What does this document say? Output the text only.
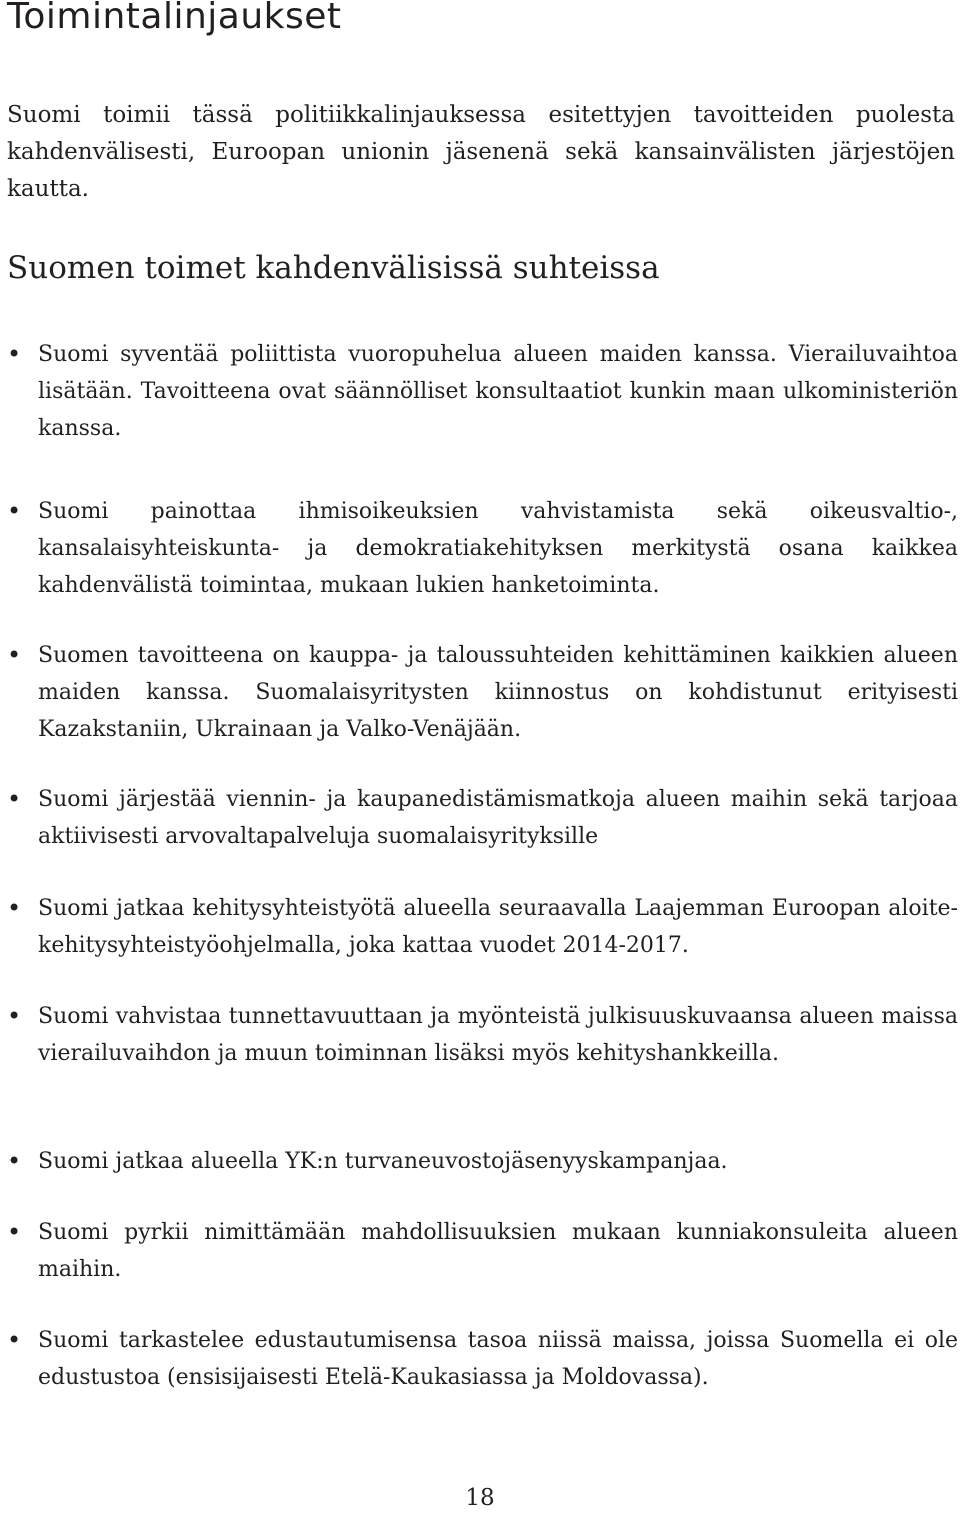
Toimintalinjaukset

Suomi toimii tässä politiikkalinjauksessa esitettyjen tavoitteiden puolesta kahdenvälisesti, Euroopan unionin jäsenenä sekä kansainvälisten järjestöjen kautta.

Suomen toimet kahdenvälisissä suhteissa
• Suomi syventää poliittista vuoropuhelua alueen maiden kanssa. Vierailuvaihtoa lisätään. Tavoitteena ovat säännölliset konsultaatiot kunkin maan ulkoministeriön kanssa.
• Suomi painottaa ihmisoikeuksien vahvistamista sekä oikeusvaltio-, kansalaisyhteiskunta- ja demokratiakehityksen merkitystä osana kaikkea kahdenvälistä toimintaa, mukaan lukien hanketoiminta.
• Suomen tavoitteena on kauppa- ja taloussuhteiden kehittäminen kaikkien alueen maiden kanssa. Suomalaisyritysten kiinnostus on kohdistunut erityisesti Kazakstaniin, Ukrainaan ja Valko-Venäjään.
• Suomi järjestää viennin- ja kaupanedistämismatkoja alueen maihin sekä tarjoaa aktiivisesti arvovaltapalveluja suomalaisyrityksille
• Suomi jatkaa kehitysyhteistyötä alueella seuraavalla Laajemman Euroopan aloite-kehitysyhteistyöohjelmalla, joka kattaa vuodet 2014-2017.
• Suomi vahvistaa tunnettavuuttaan ja myönteistä julkisuuskuvaansa alueen maissa vierailuvaihdon ja muun toiminnan lisäksi myös kehityshankkeilla.
• Suomi jatkaa alueella YK:n turvaneuvostojäsenyyskampanjaa.
• Suomi pyrkii nimittämään mahdollisuuksien mukaan kunniakonsuleita alueen maihin.
• Suomi tarkastelee edustautumisensa tasoa niissä maissa, joissa Suomella ei ole edustustoa (ensisijaisesti Etelä-Kaukasiassa ja Moldovassa).
18
